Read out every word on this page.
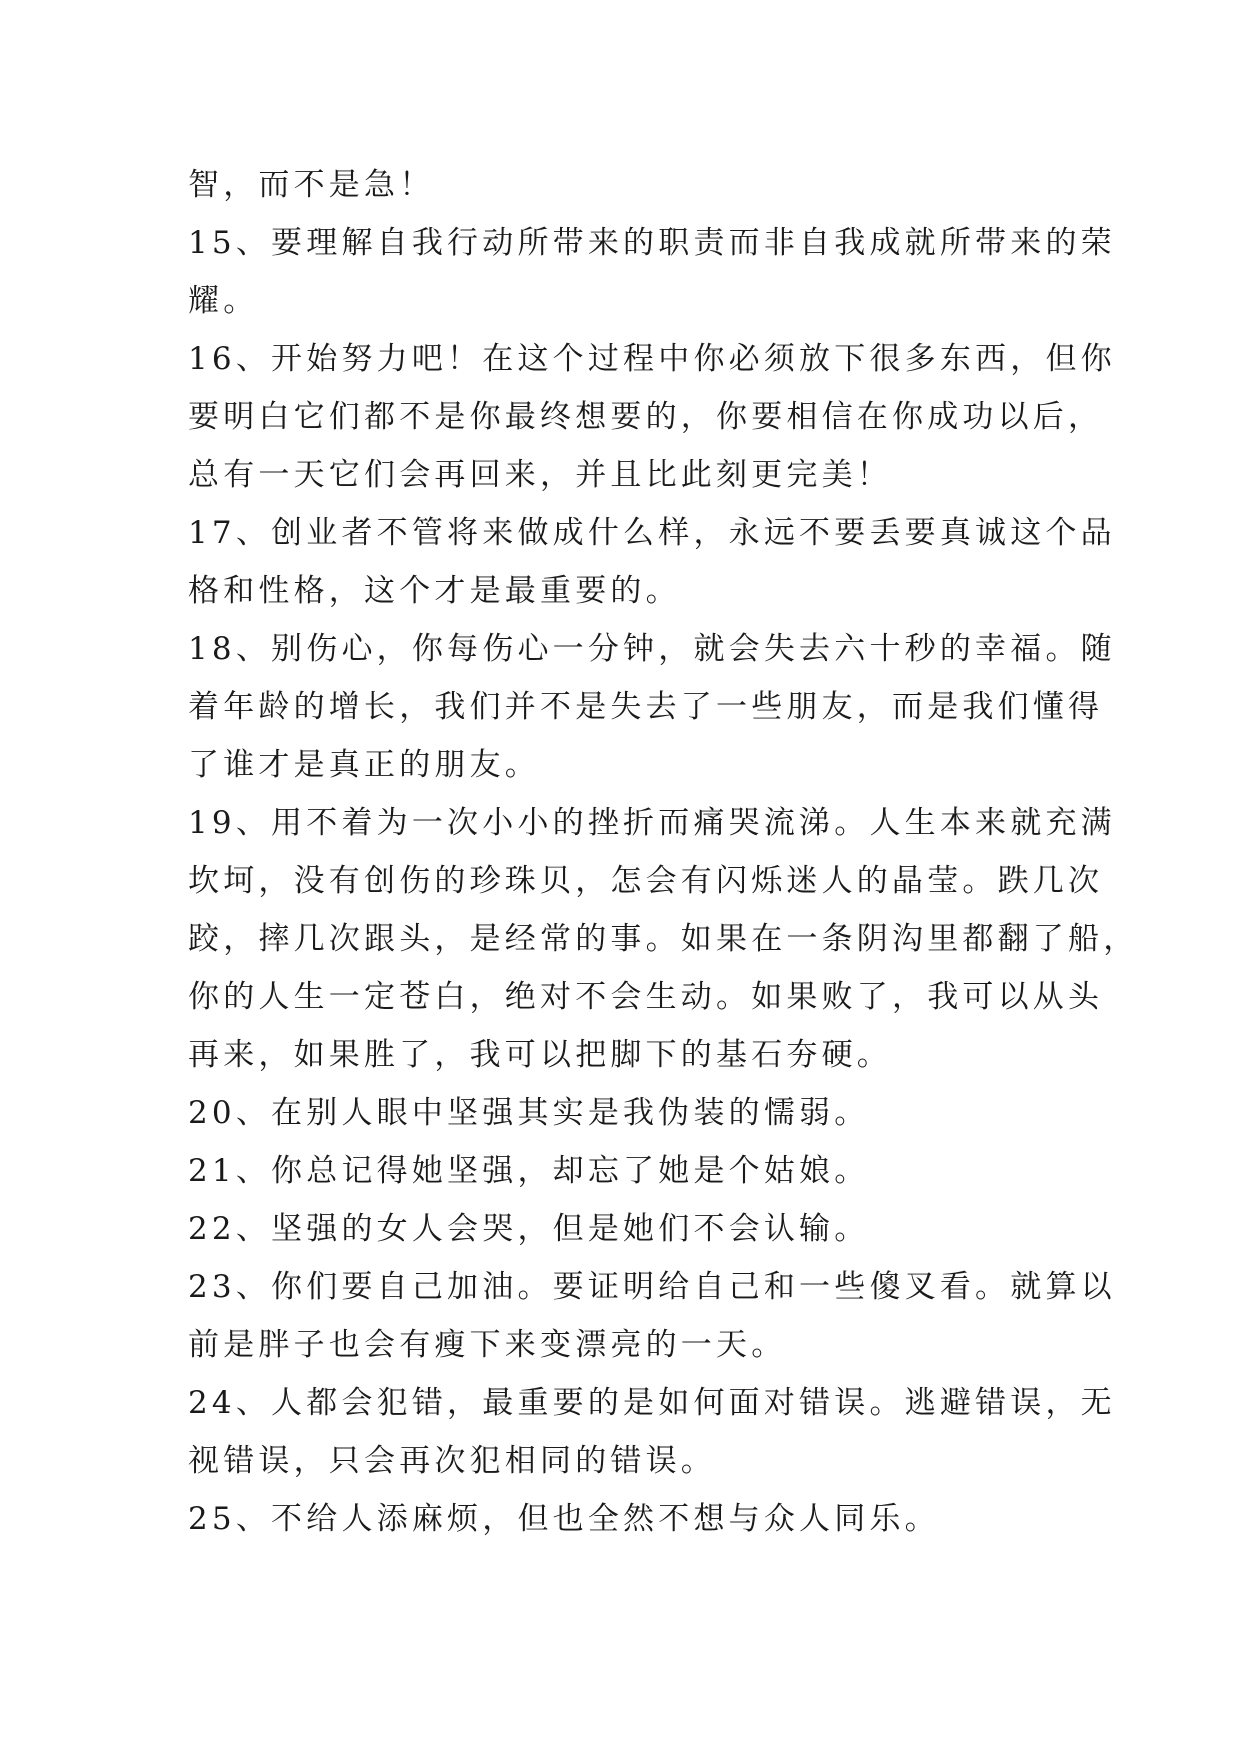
智，而不是急！
15、要理解自我行动所带来的职责而非自我成就所带来的荣
耀。
16、开始努力吧！在这个过程中你必须放下很多东西，但你
要明白它们都不是你最终想要的，你要相信在你成功以后，
总有一天它们会再回来，并且比此刻更完美！
17、创业者不管将来做成什么样，永远不要丢要真诚这个品
格和性格，这个才是最重要的。
18、别伤心，你每伤心一分钟，就会失去六十秒的幸福。随
着年龄的增长，我们并不是失去了一些朋友，而是我们懂得
了谁才是真正的朋友。
19、用不着为一次小小的挫折而痛哭流涕。人生本来就充满
坎坷，没有创伤的珍珠贝，怎会有闪烁迷人的晶莹。跌几次
跤，摔几次跟头，是经常的事。如果在一条阴沟里都翻了船，
你的人生一定苍白，绝对不会生动。如果败了，我可以从头
再来，如果胜了，我可以把脚下的基石夯硬。
20、在别人眼中坚强其实是我伪装的懦弱。
21、你总记得她坚强，却忘了她是个姑娘。
22、坚强的女人会哭，但是她们不会认输。
23、你们要自己加油。要证明给自己和一些傻叉看。就算以
前是胖子也会有瘦下来变漂亮的一天。
24、人都会犯错，最重要的是如何面对错误。逃避错误，无
视错误，只会再次犯相同的错误。
25、不给人添麻烦，但也全然不想与众人同乐。
